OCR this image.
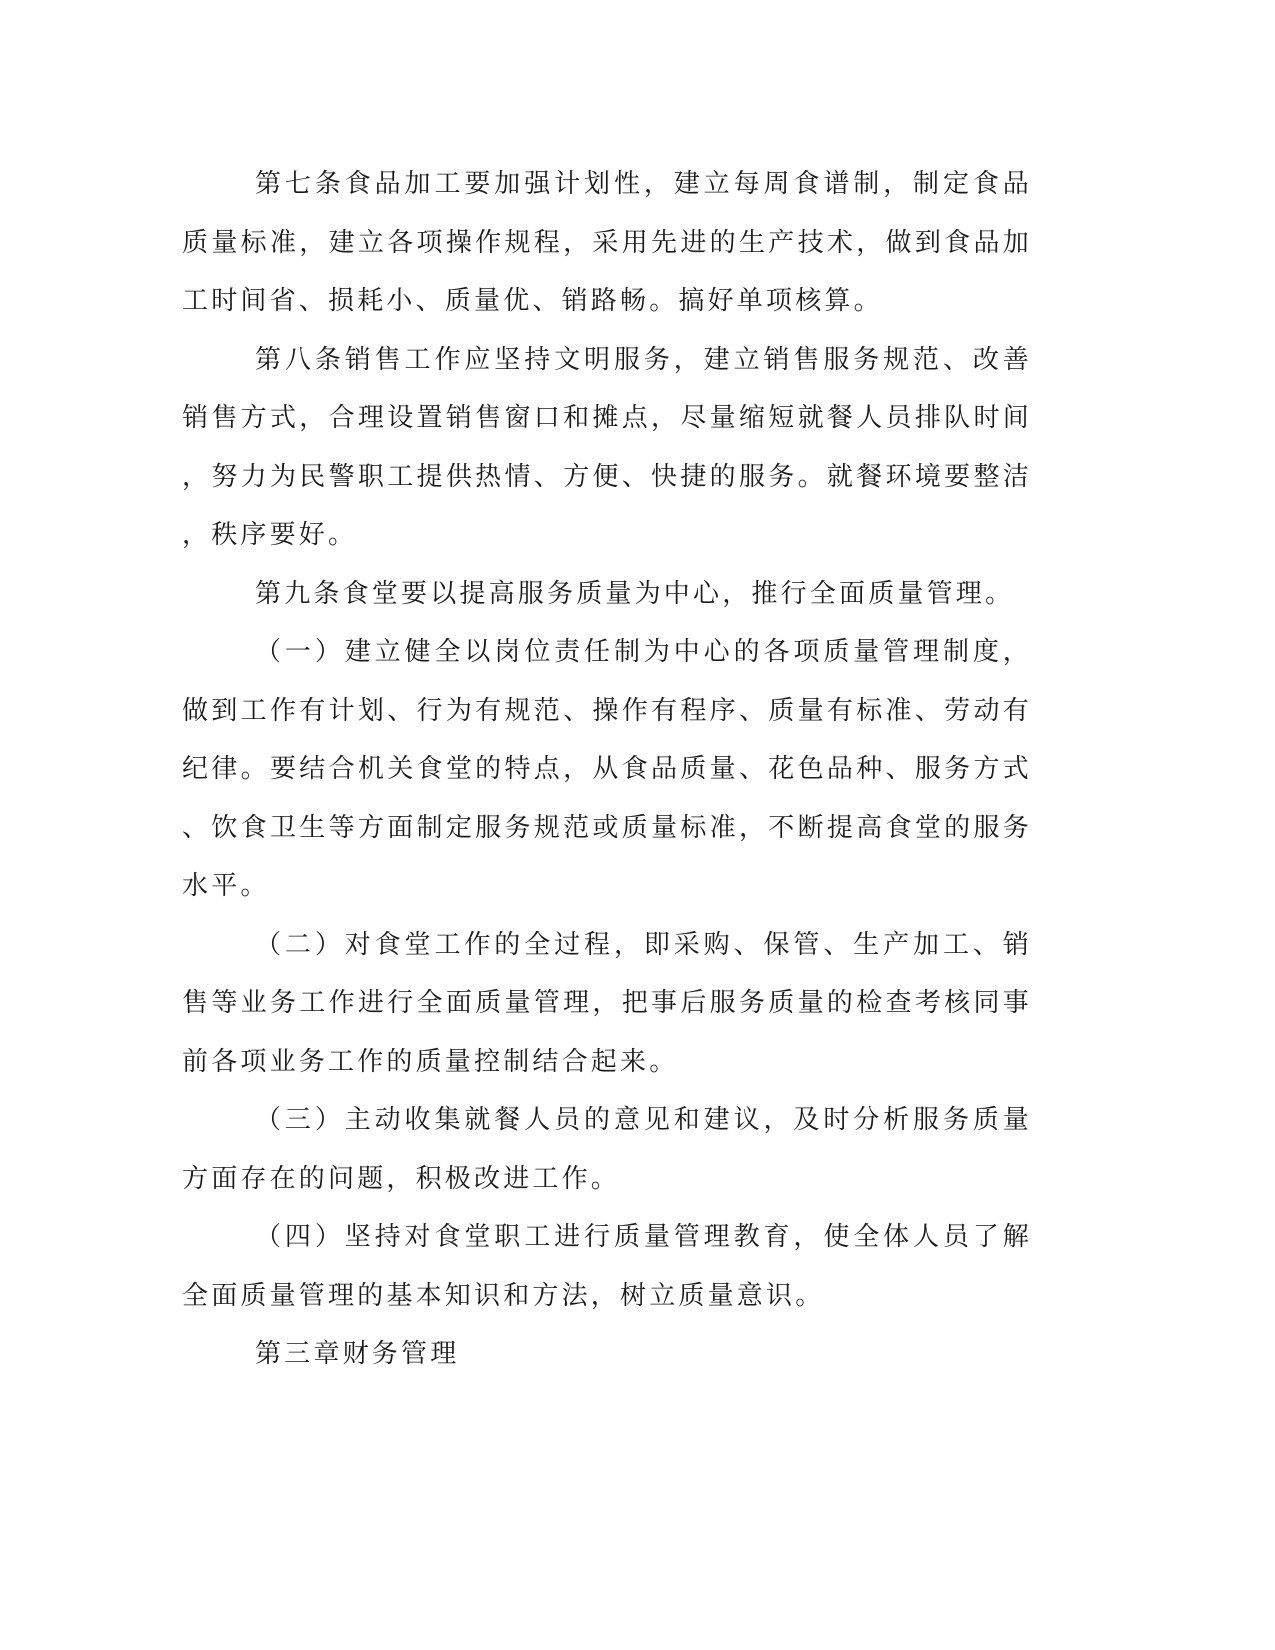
第七条食品加工要加强计划性，建立每周食谱制，制定食品质量标准，建立各项操作规程，采用先进的生产技术，做到食品加工时间省、损耗小、质量优、销路畅。搞好单项核算。

第八条销售工作应坚持文明服务，建立销售服务规范、改善销售方式，合理设置销售窗口和摊点，尽量缩短就餐人员排队时间，努力为民警职工提供热情、方便、快捷的服务。就餐环境要整洁，秩序要好。

第九条食堂要以提高服务质量为中心，推行全面质量管理。

（一）建立健全以岗位责任制为中心的各项质量管理制度，做到工作有计划、行为有规范、操作有程序、质量有标准、劳动有纪律。要结合机关食堂的特点，从食品质量、花色品种、服务方式、饮食卫生等方面制定服务规范或质量标准，不断提高食堂的服务水平。

（二）对食堂工作的全过程，即采购、保管、生产加工、销售等业务工作进行全面质量管理，把事后服务质量的检查考核同事前各项业务工作的质量控制结合起来。

（三）主动收集就餐人员的意见和建议，及时分析服务质量方面存在的问题，积极改进工作。

（四）坚持对食堂职工进行质量管理教育，使全体人员了解全面质量管理的基本知识和方法，树立质量意识。

第三章财务管理
